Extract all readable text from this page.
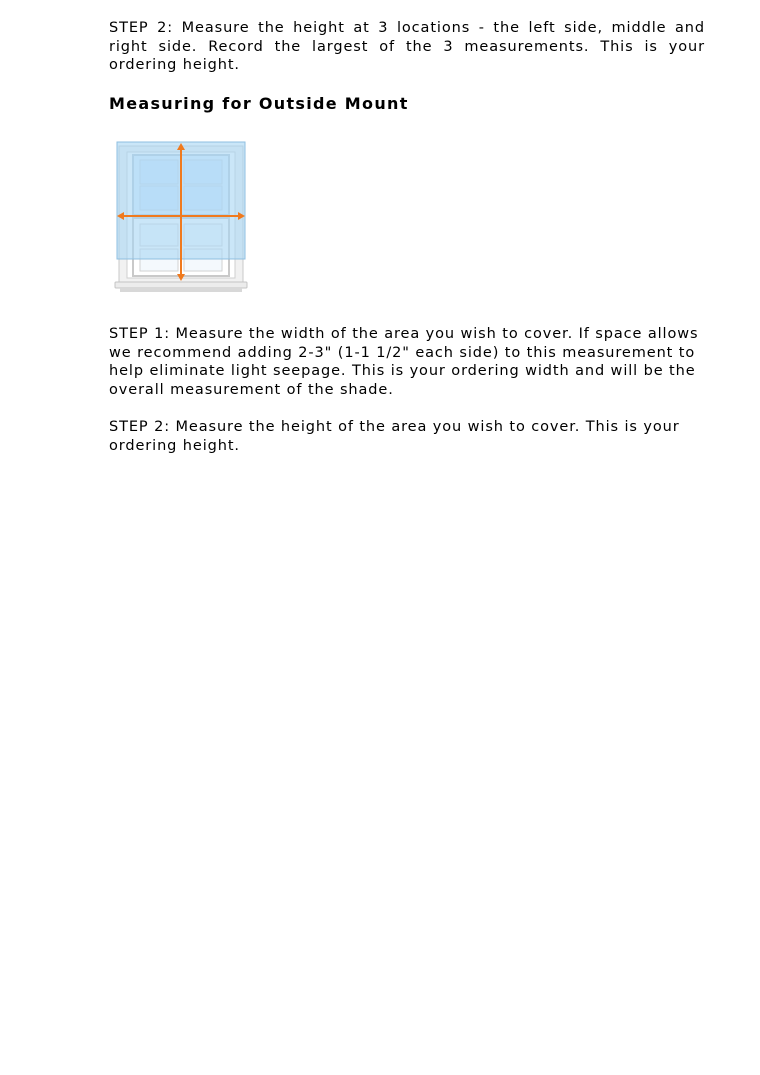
STEP 2: Measure the height at 3 locations - the left side, middle and right side. Record the largest of the 3 measurements. This is your ordering height.

Measuring for Outside Mount

STEP 1: Measure the width of the area you wish to cover. If space allows we recommend adding 2-3" (1-1 1/2" each side) to this measurement to help eliminate light seepage. This is your ordering width and will be the overall measurement of the shade.

STEP 2: Measure the height of the area you wish to cover. This is your ordering height.
